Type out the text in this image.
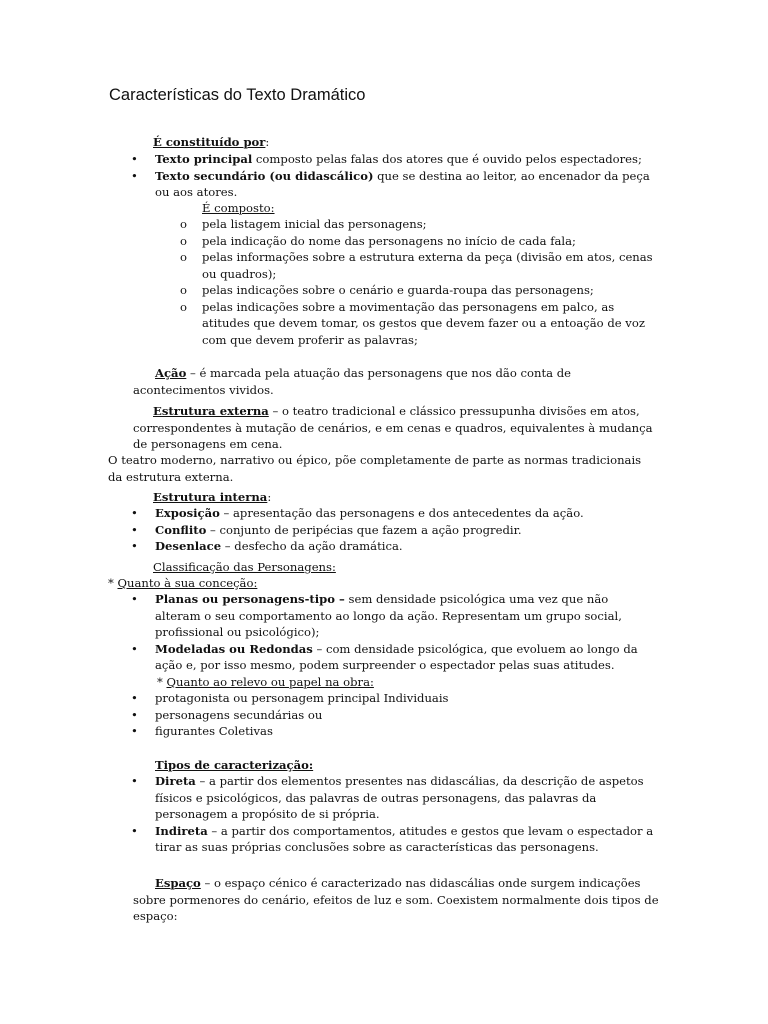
Características do Texto Dramático

É constituído por:

•	Texto principal composto pelas falas dos atores que é ouvido pelos espectadores;
•	Texto secundário (ou didascálico) que se destina ao leitor, ao encenador da peça ou aos atores.

É composto:

o	pela listagem inicial das personagens;
o	pela indicação do nome das personagens no início de cada fala;
o	pelas informações sobre a estrutura externa da peça (divisão em atos, cenas ou quadros);
o	pelas indicações sobre o cenário e guarda-roupa das personagens;
o	pelas indicações sobre a movimentação das personagens em palco, as atitudes que devem tomar, os gestos que devem fazer ou a entoação de voz com que devem proferir as palavras;

Ação – é marcada pela atuação das personagens que nos dão conta de acontecimentos vividos.

Estrutura externa – o teatro tradicional e clássico pressupunha divisões em atos, correspondentes à mutação de cenários, e em cenas e quadros, equivalentes à mudança de personagens em cena.

O teatro moderno, narrativo ou épico, põe completamente de parte as normas tradicionais da estrutura externa.

Estrutura interna:

•	Exposição – apresentação das personagens e dos antecedentes da ação.
•	Conflito – conjunto de peripécias que fazem a ação progredir.
•	Desenlace – desfecho da ação dramática.

Classificação das Personagens:

* Quanto à sua conceção:

•	Planas ou personagens-tipo – sem densidade psicológica uma vez que não alteram o seu comportamento ao longo da ação. Representam um grupo social, profissional ou psicológico);
•	Modeladas ou Redondas – com densidade psicológica, que evoluem ao longo da ação e, por isso mesmo, podem surpreender o espectador pelas suas atitudes.

* Quanto ao relevo ou papel na obra:

•	protagonista ou personagem principal Individuais
•	personagens secundárias ou
•	figurantes Coletivas

Tipos de caracterização:

•	Direta – a partir dos elementos presentes nas didascálias, da descrição de aspetos físicos e psicológicos, das palavras de outras personagens, das palavras da personagem a propósito de si própria.
•	Indireta – a partir dos comportamentos, atitudes e gestos que levam o espectador a tirar as suas próprias conclusões sobre as características das personagens.

Espaço – o espaço cénico é caracterizado nas didascálias onde surgem indicações sobre pormenores do cenário, efeitos de luz e som. Coexistem normalmente dois tipos de espaço:
